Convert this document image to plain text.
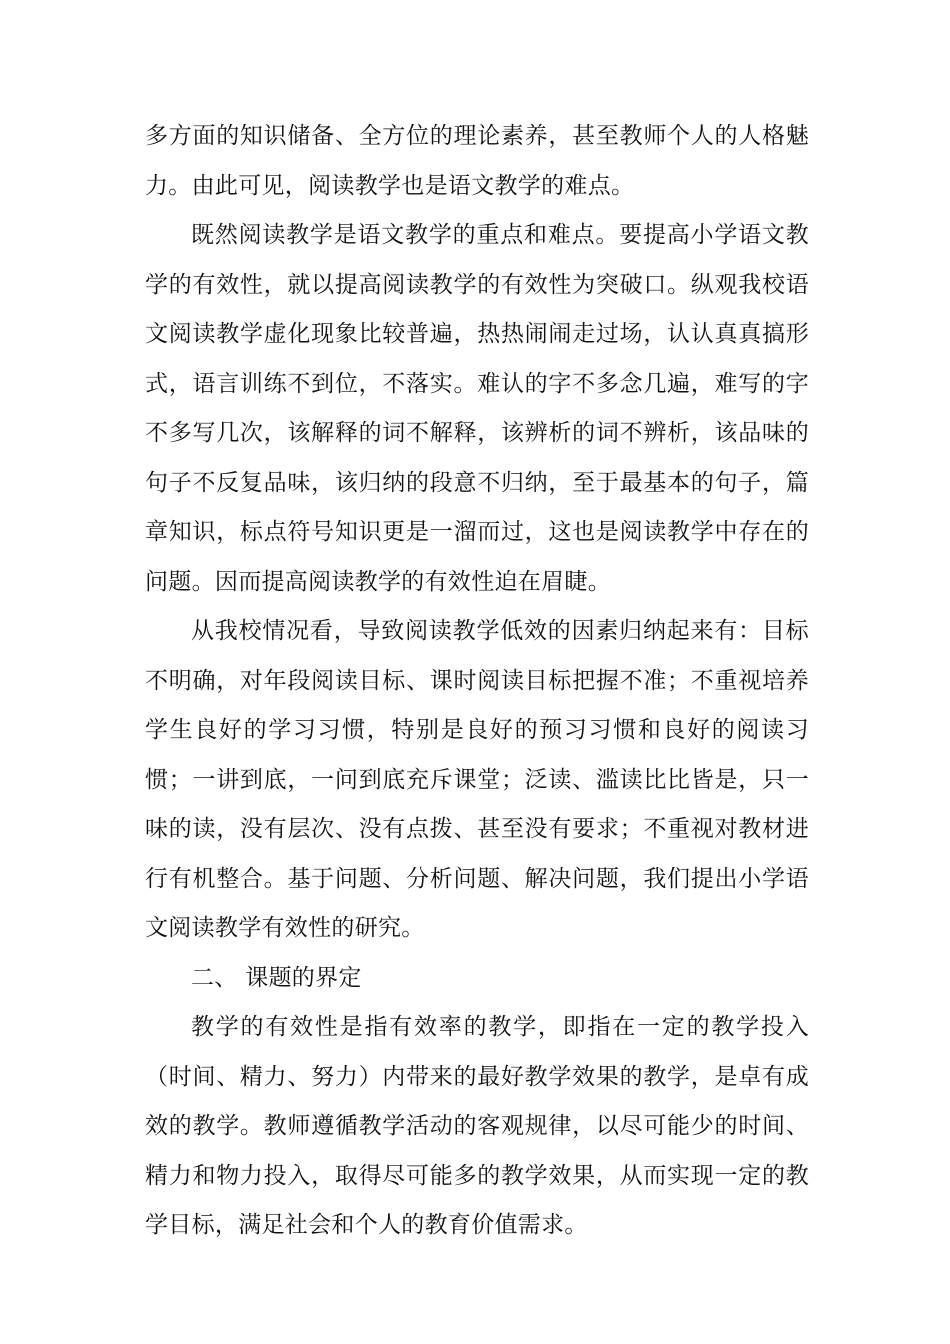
多方面的知识储备、全方位的理论素养，甚至教师个人的人格魅力。由此可见，阅读教学也是语文教学的难点。

既然阅读教学是语文教学的重点和难点。要提高小学语文教学的有效性，就以提高阅读教学的有效性为突破口。纵观我校语文阅读教学虚化现象比较普遍，热热闹闹走过场，认认真真搞形式，语言训练不到位，不落实。难认的字不多念几遍，难写的字不多写几次，该解释的词不解释，该辨析的词不辨析，该品味的句子不反复品味，该归纳的段意不归纳，至于最基本的句子，篇章知识，标点符号知识更是一溜而过，这也是阅读教学中存在的问题。因而提高阅读教学的有效性迫在眉睫。

从我校情况看，导致阅读教学低效的因素归纳起来有：目标不明确，对年段阅读目标、课时阅读目标把握不准；不重视培养学生良好的学习习惯，特别是良好的预习习惯和良好的阅读习惯；一讲到底，一问到底充斥课堂；泛读、滥读比比皆是，只一味的读，没有层次、没有点拨、甚至没有要求；不重视对教材进行有机整合。基于问题、分析问题、解决问题，我们提出小学语文阅读教学有效性的研究。

二、 课题的界定

教学的有效性是指有效率的教学，即指在一定的教学投入（时间、精力、努力）内带来的最好教学效果的教学，是卓有成效的教学。教师遵循教学活动的客观规律，以尽可能少的时间、精力和物力投入，取得尽可能多的教学效果，从而实现一定的教学目标，满足社会和个人的教育价值需求。
